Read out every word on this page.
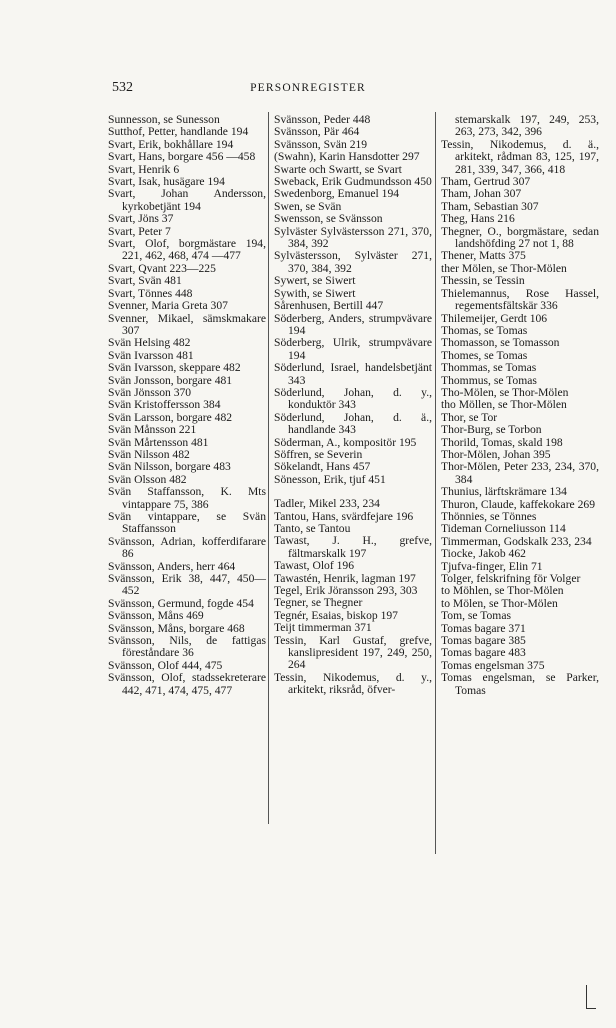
532	PERSONREGISTER
Sunnesson, se Sunesson
Sutthof, Petter, handlande 194
Svart, Erik, bokhållare 194
Svart, Hans, borgare 456 —458
Svart, Henrik 6
Svart, Isak, husägare 194
Svart, Johan Andersson, kyrkobetjänt 194
Svart, Jöns 37
Svart, Peter 7
Svart, Olof, borgmästare 194, 221, 462, 468, 474 —477
Svart, Qvant 223—225
Svart, Svän 481
Svart, Tönnes 448
Svenner, Maria Greta 307
Svenner, Mikael, sämskmakare 307
Svän Helsing 482
Svän Ivarsson 481
Svän Ivarsson, skeppare 482
Svän Jonsson, borgare 481
Svän Jönsson 370
Svän Kristoffersson 384
Svän Larsson, borgare 482
Svän Månsson 221
Svän Mårtensson 481
Svän Nilsson 482
Svän Nilsson, borgare 483
Svän Olsson 482
Svän Staffansson, K. Mts vintappare 75, 386
Svän vintappare, se Svän Staffansson
Svänsson, Adrian, kofferdifarare 86
Svänsson, Anders, herr 464
Svänsson, Erik 38, 447, 450—452
Svänsson, Germund, fogde 454
Svänsson, Måns 469
Svänsson, Måns, borgare 468
Svänsson, Nils, de fattigas föreståndare 36
Svänsson, Olof 444, 475
Svänsson, Olof, stadssekreterare 442, 471, 474, 475, 477
Svänsson, Peder 448
Svänsson, Pär 464
Svänsson, Svän 219
(Swahn), Karin Hansdotter 297
Swarte och Swartt, se Svart
Sweback, Erik Gudmundsson 450
Swedenborg, Emanuel 194
Swen, se Svän
Swensson, se Svänsson
Sylväster Sylvästersson 271, 370, 384, 392
Sylvästersson, Sylväster 271, 370, 384, 392
Sywert, se Siwert
Sywith, se Siwert
Sårenhusen, Bertill 447
Söderberg, Anders, strumpvävare 194
Söderberg, Ulrik, strumpvävare 194
Söderlund, Israel, handelsbetjänt 343
Söderlund, Johan, d. y., konduktör 343
Söderlund, Johan, d. ä., handlande 343
Söderman, A., kompositör 195
Söffren, se Severin
Sökelandt, Hans 457
Sönesson, Erik, tjuf 451
Tadler, Mikel 233, 234
Tantou, Hans, svärdfejare 196
Tanto, se Tantou
Tawast, J. H., grefve, fältmarskalk 197
Tawast, Olof 196
Tawastén, Henrik, lagman 197
Tegel, Erik Jöransson 293, 303
Tegner, se Thegner
Tegnér, Esaias, biskop 197
Teijt timmerman 371
Tessin, Karl Gustaf, grefve, kanslipresident 197, 249, 250, 264
Tessin, Nikodemus, d. y., arkitekt, riksråd, öfver-
stemarskalk 197, 249, 253, 263, 273, 342, 396
Tessin, Nikodemus, d. ä., arkitekt, rådman 83, 125, 197, 281, 339, 347, 366, 418
Tham, Gertrud 307
Tham, Johan 307
Tham, Sebastian 307
Theg, Hans 216
Thegner, O., borgmästare, sedan landshöfding 27 not 1, 88
Thener, Matts 375
ther Mölen, se Thor-Mölen
Thessin, se Tessin
Thielemannus, Rose Hassel, regementsfältskär 336
Thilemeijer, Gerdt 106
Thomas, se Tomas
Thomasson, se Tomasson
Thomes, se Tomas
Thommas, se Tomas
Thommus, se Tomas
Tho-Mölen, se Thor-Mölen
tho Möllen, se Thor-Mölen
Thor, se Tor
Thor-Burg, se Torbon
Thorild, Tomas, skald 198
Thor-Mölen, Johan 395
Thor-Mölen, Peter 233, 234, 370, 384
Thunius, lärftskrämare 134
Thuron, Claude, kaffekokare 269
Thönnies, se Tönnes
Tideman Corneliusson 114
Timmerman, Godskalk 233, 234
Tiocke, Jakob 462
Tjufva-finger, Elin 71
Tolger, felskrifning för Volger
to Möhlen, se Thor-Mölen
to Mölen, se Thor-Mölen
Tom, se Tomas
Tomas bagare 371
Tomas bagare 385
Tomas bagare 483
Tomas engelsman 375
Tomas engelsman, se Parker, Tomas
